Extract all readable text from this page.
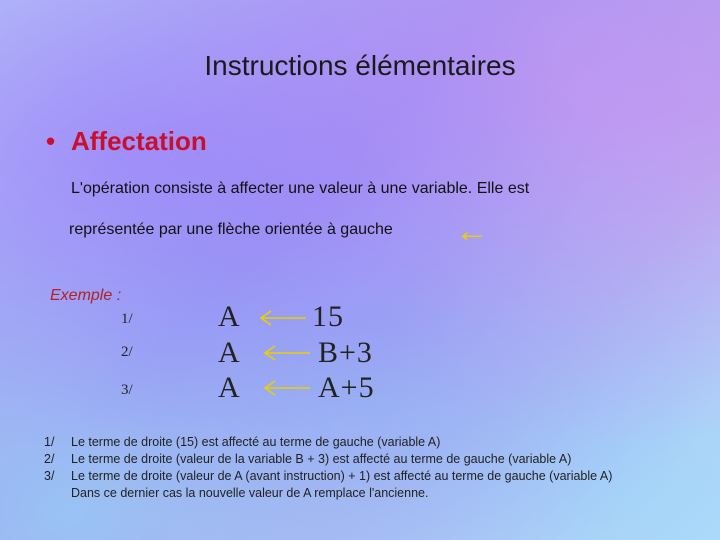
Instructions élémentaires
• Affectation
L'opération consiste à affecter une valeur à une variable. Elle est
représentée par une flèche orientée à gauche ←
Exemple :
1/	A 15
2/	A	B+3
3/	A	A+5
1/ Le terme de droite (15) est affecté au terme de gauche (variable A)
2/ Le terme de droite (valeur de la variable B + 3) est affecté au terme de gauche (variable A)
3/ Le terme de droite (valeur de A (avant instruction) + 1) est affecté au terme de gauche (variable A)
Dans ce dernier cas la nouvelle valeur de A remplace l'ancienne.
